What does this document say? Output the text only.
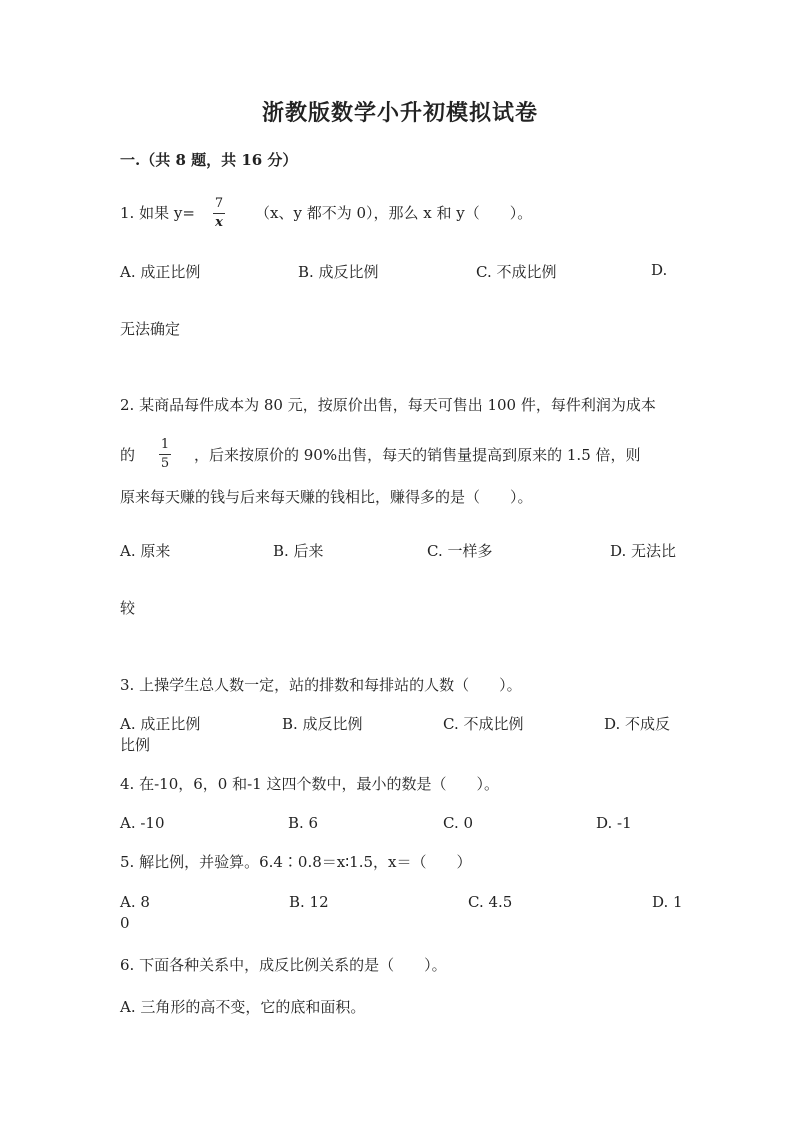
浙教版数学小升初模拟试卷
一.（共 8 题，共 16 分）
1. 如果 y=
7
x
（x、y 都不为 0），那么 x 和 y（　　）。
A. 成正比例	B. 成反比例	C. 不成比例	D.
无法确定
2. 某商品每件成本为 80 元，按原价出售，每天可售出 100 件，每件利润为成本
的
1
5 ，后来按原价的 90%出售，每天的销售量提高到原来的 1.5 倍，则
原来每天赚的钱与后来每天赚的钱相比，赚得多的是（　　）。
A. 原来	B. 后来	C. 一样多	D. 无法比
较
3. 上操学生总人数一定，站的排数和每排站的人数（　　）。
A. 成正比例	B. 成反比例	C. 不成比例	D. 不成反
比例
4. 在-10，6，0 和-1 这四个数中，最小的数是（　　）。
A. -10	B. 6	C. 0	D. -1
5. 解比例，并验算。6.4∶0.8＝x∶1.5，x＝（　　）
A. 8	B. 12	C. 4.5	D. 1
0
6. 下面各种关系中，成反比例关系的是（　　）。
A. 三角形的高不变，它的底和面积。
